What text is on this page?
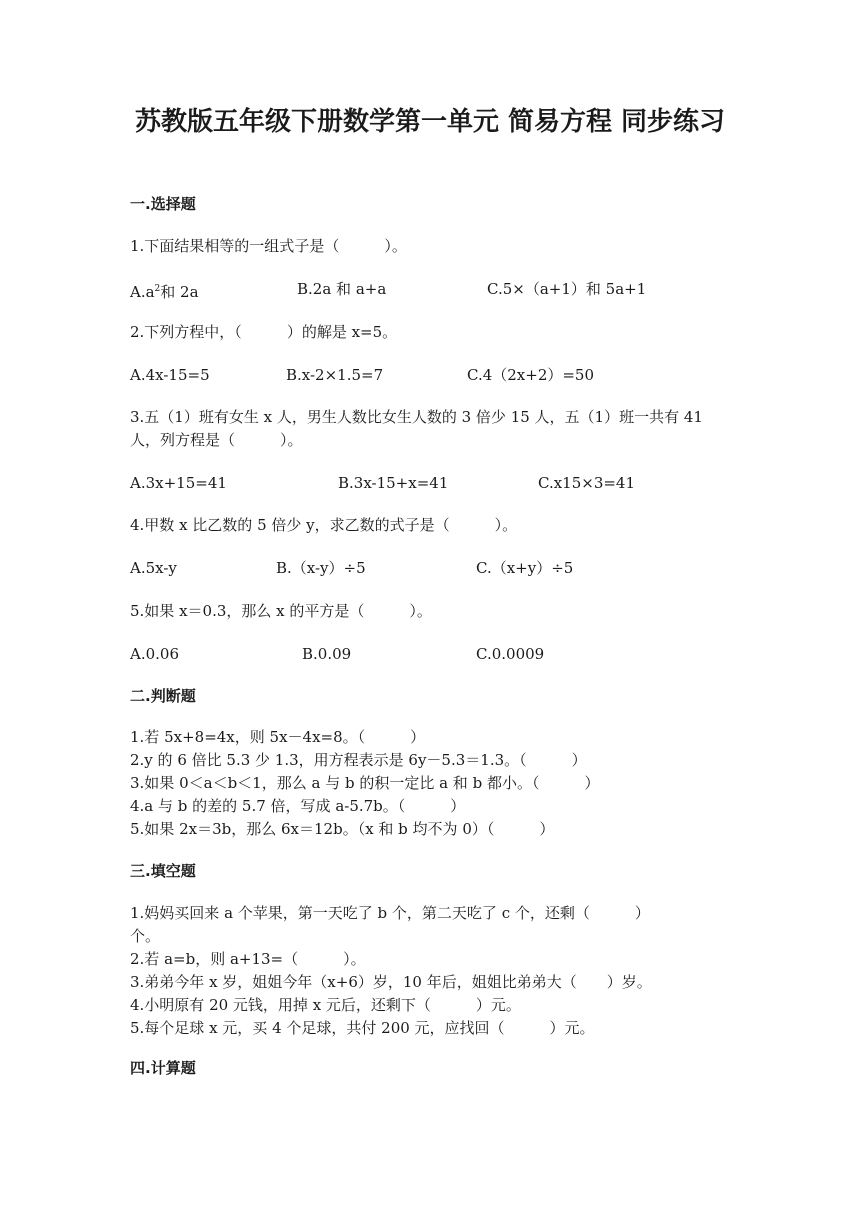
苏教版五年级下册数学第一单元 简易方程 同步练习
一.选择题
1.下面结果相等的一组式子是（　　　）。
$A.a^2$和 2a	B.2a 和 a+a	C.5×（a+1）和 5a+1
2.下列方程中，（　　　）的解是 x=5。
A.4x-15=5	B.x-2×1.5=7	C.4（2x+2）=50
3.五（1）班有女生 x 人，男生人数比女生人数的 3 倍少 15 人，五（1）班一共有 41 人，列方程是（　　　）。
A.3x+15=41	B.3x-15+x=41	C.x15×3=41
4.甲数 x 比乙数的 5 倍少 y，求乙数的式子是（　　　）。
A.5x-y	B.（x-y）÷5	C.（x+y）÷5
5.如果 x＝0.3，那么 x 的平方是（　　　）。
A.0.06	B.0.09	C.0.0009
二.判断题
1.若 5x+8=4x，则 5x－4x=8。（　　　）
2.y 的 6 倍比 5.3 少 1.3，用方程表示是 6y－5.3＝1.3。（　　　）
3.如果 0＜a＜b＜1，那么 a 与 b 的积一定比 a 和 b 都小。（　　　）
4.a 与 b 的差的 5.7 倍，写成 a-5.7b。（　　　）
5.如果 2x＝3b，那么 6x＝12b。（x 和 b 均不为 0）（　　　）
三.填空题
1.妈妈买回来 a 个苹果，第一天吃了 b 个，第二天吃了 c 个，还剩（　　　）个。
2.若 a=b，则 a+13=（　　　）。
3.弟弟今年 x 岁，姐姐今年（x+6）岁，10 年后，姐姐比弟弟大（　　）岁。
4.小明原有 20 元钱，用掉 x 元后，还剩下（　　　）元。
5.每个足球 x 元，买 4 个足球，共付 200 元，应找回（　　　）元。
四.计算题
